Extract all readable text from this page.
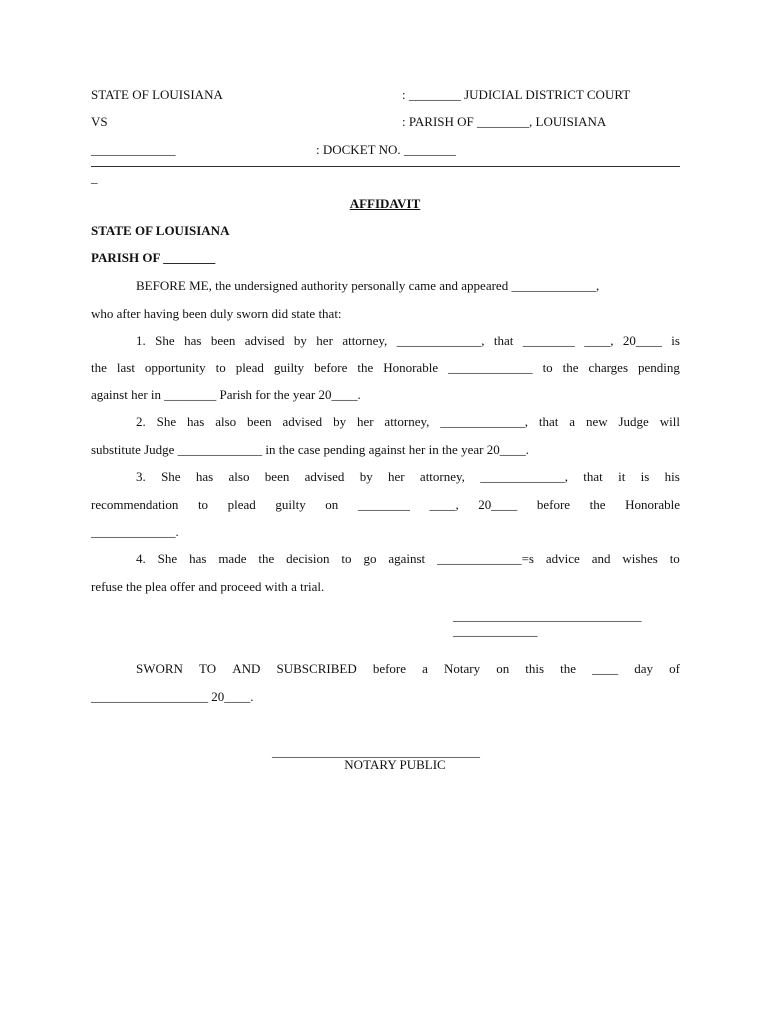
STATE OF LOUISIANA	: ________ JUDICIAL DISTRICT COURT
VS	: PARISH OF ________, LOUISIANA
_____________	: DOCKET NO. ________
_
AFFIDAVIT
STATE OF LOUISIANA
PARISH OF ________
BEFORE ME, the undersigned authority personally came and appeared _____________,
who after having been duly sworn did state that:
1. She has been advised by her attorney, _____________, that ________ ____, 20____ is
the last opportunity to plead guilty before the Honorable _____________ to the charges pending
against her in ________ Parish for the year 20____.
2. She has also been advised by her attorney, _____________, that a new Judge will
substitute Judge _____________ in the case pending against her in the year 20____.
3. She has also been advised by her attorney, _____________, that it is his
recommendation to plead guilty on ________ ____, 20____ before the Honorable
_____________.
4. She has made the decision to go against _____________=s advice and wishes to
refuse the plea offer and proceed with a trial.
_____________________________
_____________
SWORN TO AND SUBSCRIBED before a Notary on this the ____ day of
__________________ 20____.
________________________________
NOTARY PUBLIC
